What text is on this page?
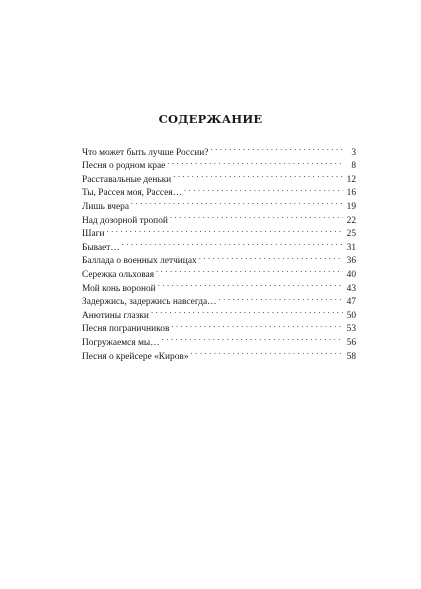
СОДЕРЖАНИЕ
Что может быть лучше России? . . .	3
Песня о родном крае . . .	8
Расставальные деньки . . .	12
Ты, Рассея моя, Рассея… . . .	16
Лишь вчера . . .	19
Над дозорной тропой . . .	22
Шаги . . .	25
Бывает… . . .	31
Баллада о военных летчицах . . .	36
Сережка ольховая . . .	40
Мой конь вороной . . .	43
Задержись, задержись навсегда… . . .	47
Анютины глазки . . .	50
Песня пограничников . . .	53
Погружаемся мы… . . .	56
Песня о крейсере «Киров» . . .	58
